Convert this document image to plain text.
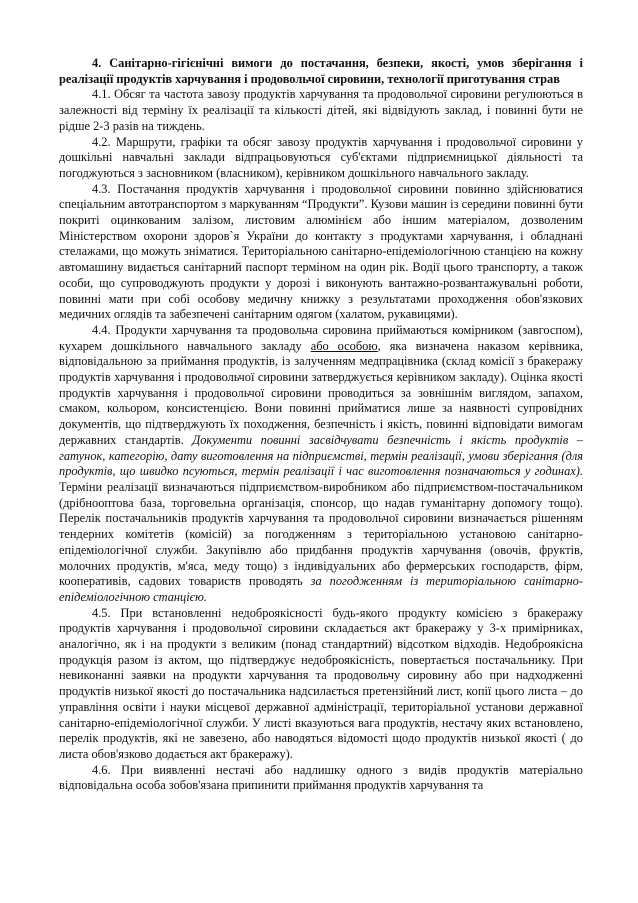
4. Санітарно-гігієнічні вимоги до постачання, безпеки, якості, умов зберігання і реалізації продуктів харчування і продовольчої сировини, технології приготування страв

4.1. Обсяг та частота завозу продуктів харчування та продовольчої сировини регулюються в залежності від терміну їх реалізації та кількості дітей, які відвідують заклад, і повинні бути не рідше 2-3 разів на тиждень.

4.2. Маршрути, графіки та обсяг завозу продуктів харчування і продовольчої сировини у дошкільні навчальні заклади відпрацьовуються суб'єктами підприємницької діяльності та погоджуються з засновником (власником), керівником дошкільного навчального закладу.

4.3. Постачання продуктів харчування і продовольчої сировини повинно здійснюватися спеціальним автотранспортом з маркуванням “Продукти”. Кузови машин із середини повинні бути покриті оцинкованим залізом, листовим алюмінієм або іншим матеріалом, дозволеним Міністерством охорони здоров`я України до контакту з продуктами харчування, і обладнані стелажами, що можуть зніматися. Територіальною санітарно-епідеміологічною станцією на кожну автомашину видається санітарний паспорт терміном на один рік. Водії цього транспорту, а також особи, що супроводжують продукти у дорозі і виконують вантажно-розвантажувальні роботи, повинні мати при собі особову медичну книжку з результатами проходження обов'язкових медичних оглядів та забезпечені санітарним одягом (халатом, рукавицями).

4.4. Продукти харчування та продовольча сировина приймаються комірником (завгоспом), кухарем дошкільного навчального закладу або особою, яка визначена наказом керівника, відповідальною за приймання продуктів, із залученням медпрацівника (склад комісії з бракеражу продуктів харчування і продовольчої сировини затверджується керівником закладу). Оцінка якості продуктів харчування і продовольчої сировини проводиться за зовнішнім виглядом, запахом, смаком, кольором, консистенцією. Вони повинні прийматися лише за наявності супровідних документів, що підтверджують їх походження, безпечність і якість, повинні відповідати вимогам державних стандартів. Документи повинні засвідчувати безпечність і якість продуктів – гатунок, категорію, дату виготовлення на підприємстві, термін реалізації, умови зберігання (для продуктів, що швидко псуються, термін реалізації і час виготовлення позначаються у годинах). Терміни реалізації визначаються підприємством-виробником або підприємством-постачальником (дрібнооптова база, торговельна організація, спонсор, що надав гуманітарну допомогу тощо). Перелік постачальників продуктів харчування та продовольчої сировини визначається рішенням тендерних комітетів (комісій) за погодженням з територіальною установою санітарно-епідеміологічної служби. Закупівлю або придбання продуктів харчування (овочів, фруктів, молочних продуктів, м'яса, меду тощо) з індивідуальних або фермерських господарств, фірм, кооперативів, садових товариств проводять за погодженням із територіальною санітарно-епідеміологічною станцією.

4.5. При встановленні недоброякісності будь-якого продукту комісією з бракеражу продуктів харчування і продовольчої сировини складається акт бракеражу у 3-х примірниках, аналогічно, як і на продукти з великим (понад стандартний) відсотком відходів. Недоброякісна продукція разом із актом, що підтверджує недоброякісність, повертається постачальнику. При невиконанні заявки на продукти харчування та продовольчу сировину або при надходженні продуктів низької якості до постачальника надсилається претензійний лист, копії цього листа – до управління освіти і науки місцевої державної адміністрації, територіальної установи державної санітарно-епідеміологічної служби. У листі вказуються вага продуктів, нестачу яких встановлено, перелік продуктів, які не завезено, або наводяться відомості щодо продуктів низької якості ( до листа обов'язково додається акт бракеражу).

4.6. При виявленні нестачі або надлишку одного з видів продуктів матеріально відповідальна особа зобов'язана припинити приймання продуктів харчування та
